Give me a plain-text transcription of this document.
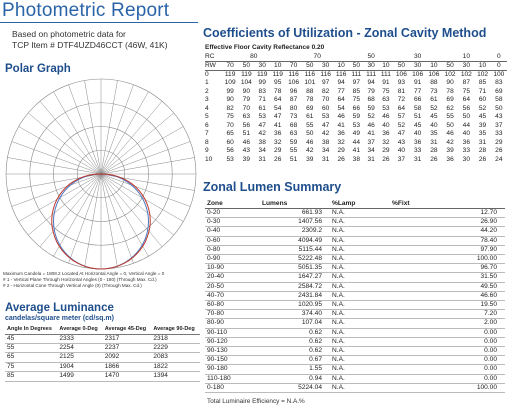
Photometric Report
Based on photometric data for
TCP Item # DTF4UZD46CCT (46W, 41K)
Polar Graph
Maximum Candela = 1808.2 Located At Horizontal Angle = 0, Vertical Angle = 0
# 1 - Vertical Plane Through Horizontal Angles (0 - 180) (Through Max. Cd.)
# 2 - Horizontal Cone Through Vertical Angle (0) (Through Max. Cd.)
Average Luminance
candelas/square meter (cd/sq.m)
Angle In Degrees	Average 0-Deg	Average 45-Deg	Average 90-Deg
45	2333	2317	2318
55	2254	2237	2229
65	2125	2092	2083
75	1904	1866	1822
85	1499	1470	1394
Coefficients of Utilization - Zonal Cavity Method
Effective Floor Cavity Reflectance 0.20
RC	80				70				50			30			10			0
RW	70	50	30	10	70	50	30	10	50	30	10	50	30	10	50	30	10	0
0	119	119	119	119	116	116	116	116	111	111	111	106	106	106	102	102	102	100
1	109	104	99	95	106	101	97	94	97	94	91	93	91	88	90	87	85	83
2	99	90	83	78	96	88	82	77	85	79	75	81	77	73	78	75	71	69
3	90	79	71	64	87	78	70	64	75	68	63	72	66	61	69	64	60	58
4	82	70	61	54	80	69	60	54	66	59	53	64	58	52	62	56	52	50
5	75	63	53	47	73	61	53	46	59	52	46	57	51	45	55	50	45	43
6	70	56	47	41	68	55	47	41	53	46	40	52	45	40	50	44	39	37
7	65	51	42	36	63	50	42	36	49	41	36	47	40	35	46	40	35	33
8	60	46	38	32	59	46	38	32	44	37	32	43	36	31	42	36	31	29
9	56	43	34	29	55	42	34	29	41	34	29	40	33	28	39	33	28	26
10	53	39	31	26	51	39	31	26	38	31	26	37	31	26	36	30	26	24
Zonal Lumen Summary
Zone	Lumens	%Lamp	%Fixt
0-20	661.93	N.A.	12.70
0-30	1407.56	N.A.	26.90
0-40	2309.2	N.A.	44.20
0-60	4094.49	N.A.	78.40
0-80	5115.44	N.A.	97.90
0-90	5222.48	N.A.	100.00
10-90	5051.35	N.A.	96.70
20-40	1647.27	N.A.	31.50
20-50	2584.72	N.A.	49.50
40-70	2431.84	N.A.	46.60
60-80	1020.95	N.A.	19.50
70-80	374.40	N.A.	7.20
80-90	107.04	N.A.	2.00
90-110	0.62	N.A.	0.00
90-120	0.62	N.A.	0.00
90-130	0.62	N.A.	0.00
90-150	0.67	N.A.	0.00
90-180	1.55	N.A.	0.00
110-180	0.94	N.A.	0.00
0-180	5224.04	N.A.	100.00
Total Luminaire Efficiency = N.A.%
